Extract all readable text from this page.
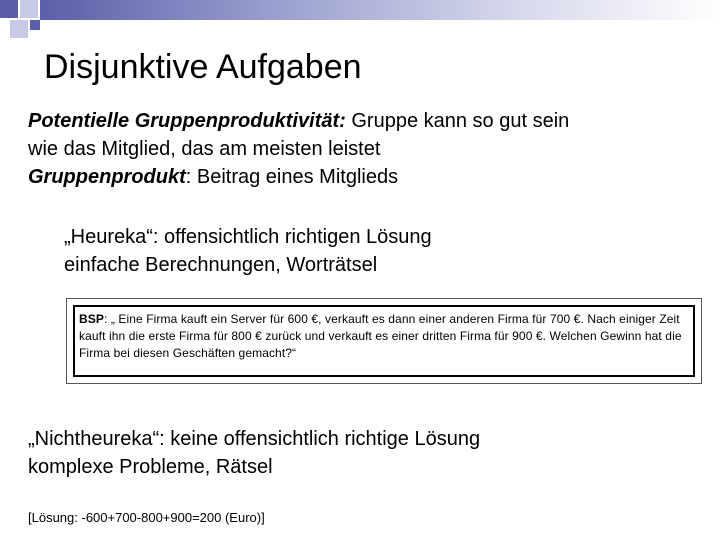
Disjunktive Aufgaben

Potentielle Gruppenproduktivität: Gruppe kann so gut sein

wie das Mitglied, das am meisten leistet

Gruppenprodukt: Beitrag eines Mitglieds

„Heureka“: offensichtlich richtigen Lösung

einfache Berechnungen, Worträtsel

BSP: „ Eine Firma kauft ein Server für 600 €, verkauft es dann einer anderen Firma für 700 €. Nach einiger Zeit kauft ihn die erste Firma für 800 € zurück und verkauft es einer dritten Firma für 900 €. Welchen Gewinn hat die Firma bei diesen Geschäften gemacht?“

„Nichtheureka“: keine offensichtlich richtige Lösung

komplexe Probleme, Rätsel

[Lösung: -600+700-800+900=200 (Euro)]
